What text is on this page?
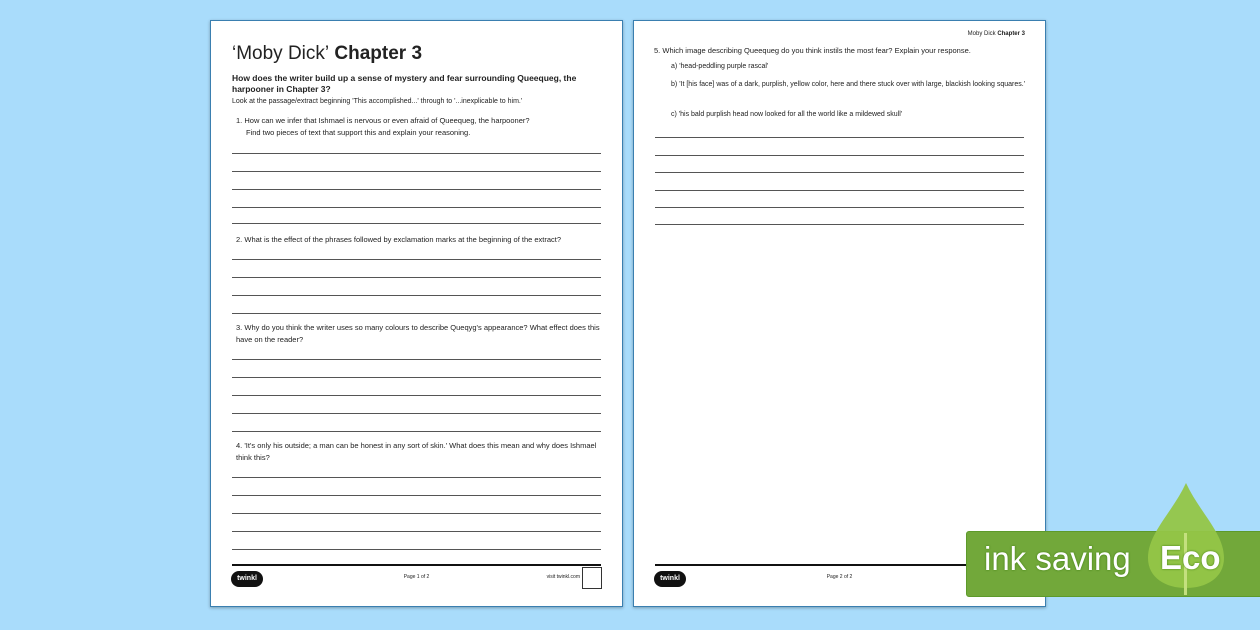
‘Moby Dick’ Chapter 3
How does the writer build up a sense of mystery and fear surrounding Queequeg, the harpooner in Chapter 3?
Look at the passage/extract beginning 'This accomplished...' through to '...inexplicable to him.'
1. How can we infer that Ishmael is nervous or even afraid of Queequeg, the harpooner?
Find two pieces of text that support this and explain your reasoning.
2. What is the effect of the phrases followed by exclamation marks at the beginning of the extract?
3. Why do you think the writer uses so many colours to describe Queqyg's appearance? What effect does this have on the reader?
4. 'It's only his outside; a man can be honest in any sort of skin.' What does this mean and why does Ishmael think this?
twinkl	Page 1 of 2	visit twinkl.com
Moby Dick Chapter 3
5. Which image describing Queequeg do you think instils the most fear? Explain your response.
a) 'head-peddling purple rascal'
b) 'It [his face] was of a dark, purplish, yellow color, here and there stuck over with large, blackish looking squares.'
c) 'his bald purplish head now looked for all the world like a mildewed skull'
twinkl	Page 2 of 2	ink saving Eco
